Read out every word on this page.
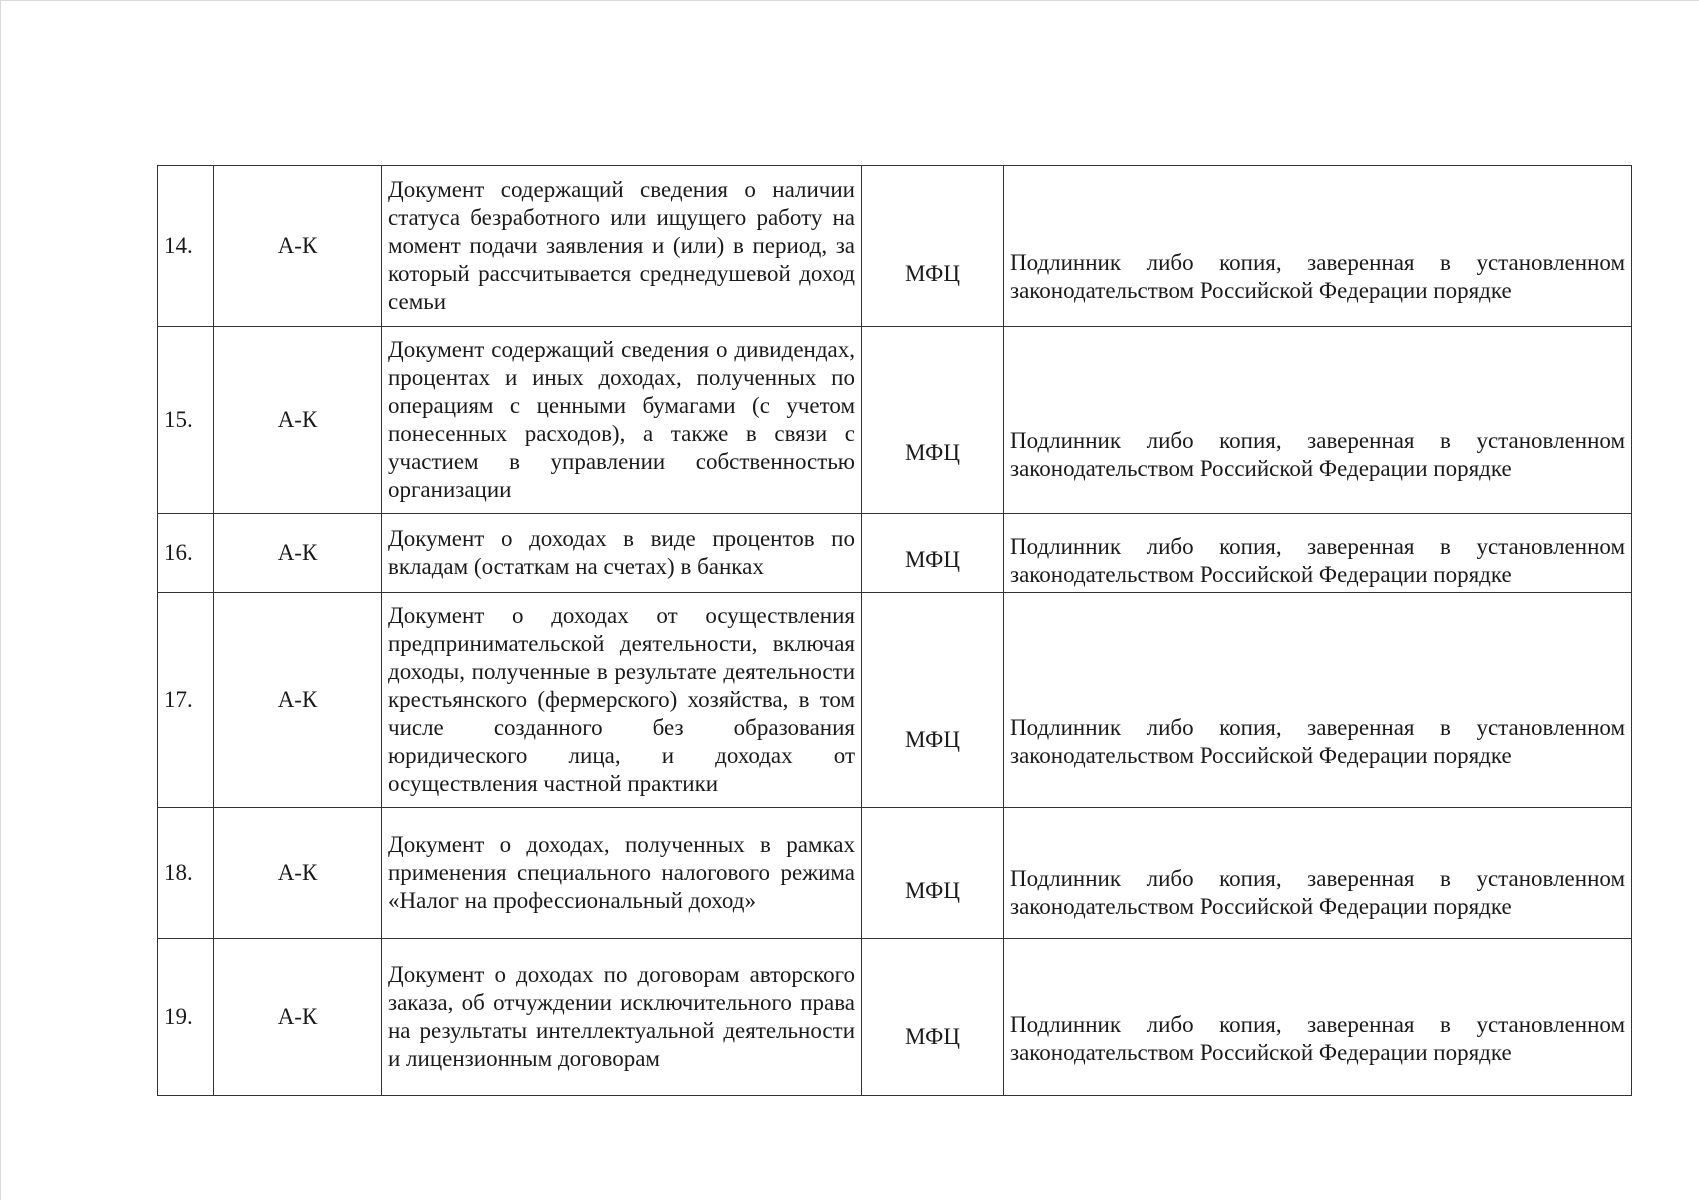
14.	А-К	Документ содержащий сведения о наличии статуса безработного или ищущего работу на момент подачи заявления и (или) в период, за который рассчитывается среднедушевой доход семьи	МФЦ	Подлинник либо копия, заверенная в установленном законодательством Российской Федерации порядке

15.	А-К	Документ содержащий сведения о дивидендах, процентах и иных доходах, полученных по операциям с ценными бумагами (с учетом понесенных расходов), а также в связи с участием в управлении собственностью организации	МФЦ	Подлинник либо копия, заверенная в установленном законодательством Российской Федерации порядке

16.	А-К	Документ о доходах в виде процентов по вкладам (остаткам на счетах) в банках	МФЦ	Подлинник либо копия, заверенная в установленном законодательством Российской Федерации порядке

17.	А-К	Документ о доходах от осуществления предпринимательской деятельности, включая доходы, полученные в результате деятельности крестьянского (фермерского) хозяйства, в том числе созданного без образования юридического лица, и доходах от осуществления частной практики	МФЦ	Подлинник либо копия, заверенная в установленном законодательством Российской Федерации порядке

18.	А-К	Документ о доходах, полученных в рамках применения специального налогового режима «Налог на профессиональный доход»	МФЦ	Подлинник либо копия, заверенная в установленном законодательством Российской Федерации порядке

19.	А-К	Документ о доходах по договорам авторского заказа, об отчуждении исключительного права на результаты интеллектуальной деятельности и лицензионным договорам	МФЦ	Подлинник либо копия, заверенная в установленном законодательством Российской Федерации порядке
